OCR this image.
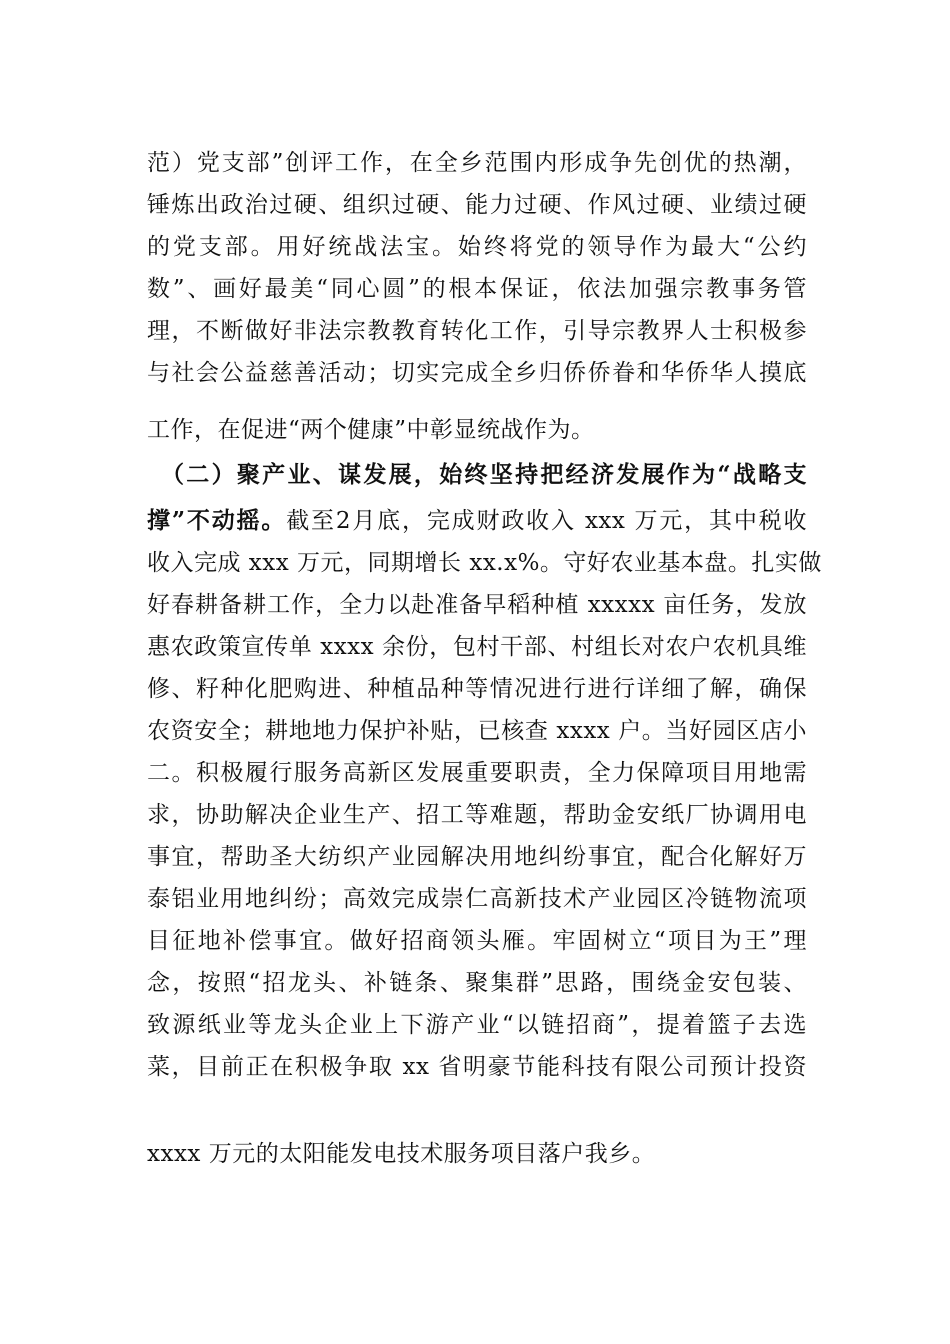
范）党支部”创评工作，在全乡范围内形成争先创优的热潮，
锤炼出政治过硬、组织过硬、能力过硬、作风过硬、业绩过硬
的党支部。用好统战法宝。始终将党的领导作为最大“公约
数”、画好最美“同心圆”的根本保证，依法加强宗教事务管
理，不断做好非法宗教教育转化工作，引导宗教界人士积极参
与社会公益慈善活动；切实完成全乡归侨侨眷和华侨华人摸底
工作，在促进“两个健康”中彰显统战作为。
（二）聚产业、谋发展，始终坚持把经济发展作为“战略支
撑”不动摇。截至2月底，完成财政收入 xxx 万元，其中税收
收入完成 xxx 万元，同期增长 xx.x%。守好农业基本盘。扎实做
好春耕备耕工作，全力以赴准备早稻种植 xxxxx 亩任务，发放
惠农政策宣传单 xxxx 余份，包村干部、村组长对农户农机具维
修、籽种化肥购进、种植品种等情况进行进行详细了解，确保
农资安全；耕地地力保护补贴，已核查 xxxx 户。当好园区店小
二。积极履行服务高新区发展重要职责，全力保障项目用地需
求，协助解决企业生产、招工等难题，帮助金安纸厂协调用电
事宜，帮助圣大纺织产业园解决用地纠纷事宜，配合化解好万
泰铝业用地纠纷；高效完成崇仁高新技术产业园区冷链物流项
目征地补偿事宜。做好招商领头雁。牢固树立“项目为王”理
念，按照“招龙头、补链条、聚集群”思路，围绕金安包装、
致源纸业等龙头企业上下游产业“以链招商”，提着篮子去选
菜，目前正在积极争取 xx 省明豪节能科技有限公司预计投资
xxxx 万元的太阳能发电技术服务项目落户我乡。
